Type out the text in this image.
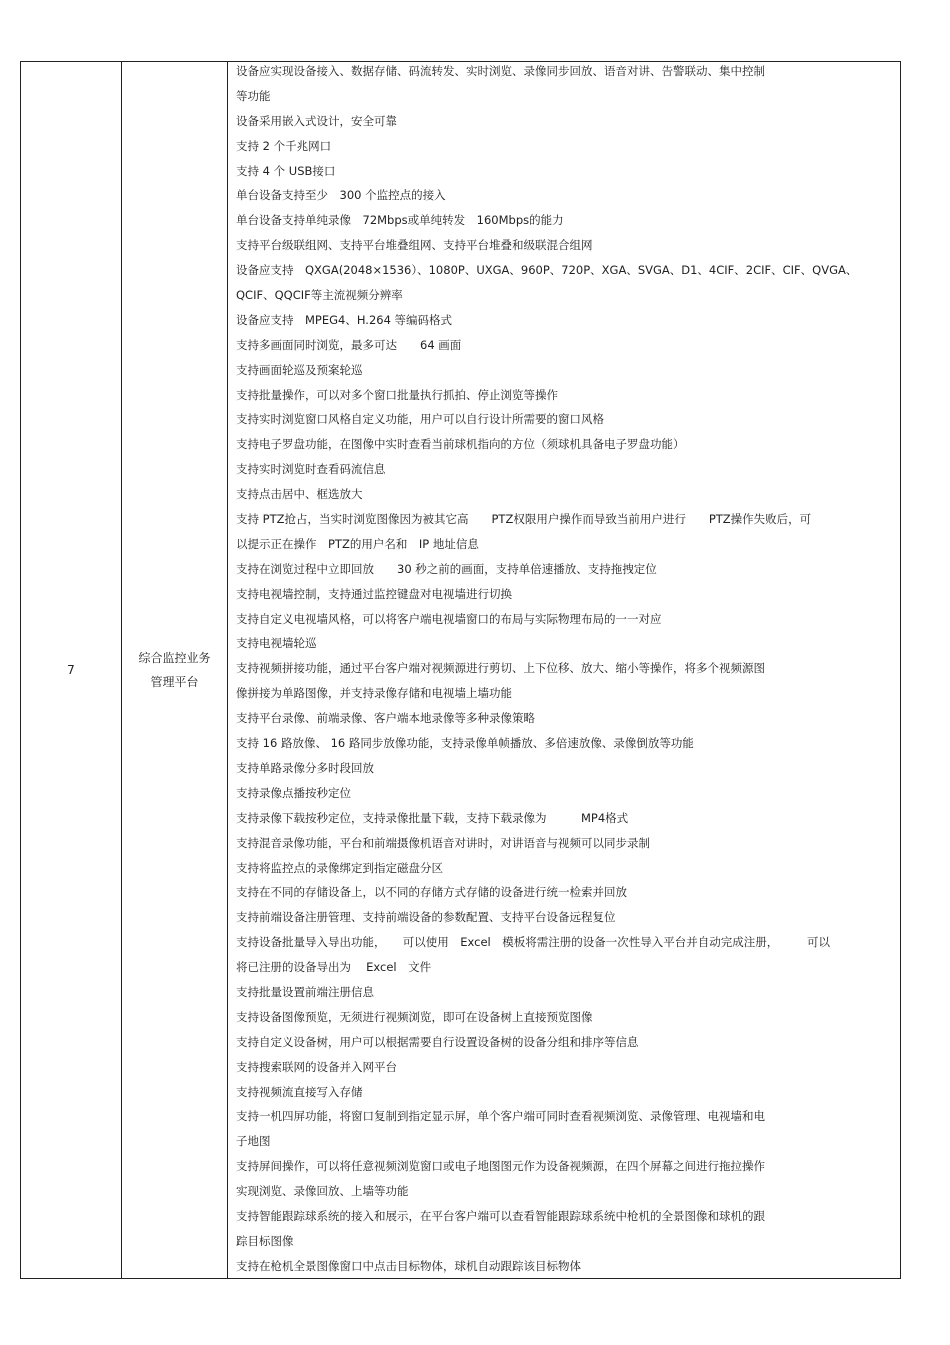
7
综合监控业务
管理平台
设备应实现设备接入、数据存储、码流转发、实时浏览、录像同步回放、语音对讲、告警联动、集中控制
等功能
设备采用嵌入式设计，安全可靠
支持 2 个千兆网口
支持 4 个 USB接口
单台设备支持至少　300 个监控点的接入
单台设备支持单纯录像　72Mbps或单纯转发　160Mbps的能力
支持平台级联组网、支持平台堆叠组网、支持平台堆叠和级联混合组网
设备应支持　QXGA(2048×1536）、1080P、UXGA、960P、720P、XGA、SVGA、D1、4CIF、2CIF、CIF、QVGA、
QCIF、QQCIF等主流视频分辨率
设备应支持　MPEG4、H.264 等编码格式
支持多画面同时浏览，最多可达　　64 画面
支持画面轮巡及预案轮巡
支持批量操作，可以对多个窗口批量执行抓拍、停止浏览等操作
支持实时浏览窗口风格自定义功能，用户可以自行设计所需要的窗口风格
支持电子罗盘功能，在图像中实时查看当前球机指向的方位（须球机具备电子罗盘功能）
支持实时浏览时查看码流信息
支持点击居中、框选放大
支持 PTZ抢占，当实时浏览图像因为被其它高　　PTZ权限用户操作而导致当前用户进行　　PTZ操作失败后，可
以提示正在操作　PTZ的用户名和　IP 地址信息
支持在浏览过程中立即回放　　30 秒之前的画面，支持单倍速播放、支持拖拽定位
支持电视墙控制，支持通过监控键盘对电视墙进行切换
支持自定义电视墙风格，可以将客户端电视墙窗口的布局与实际物理布局的一一对应
支持电视墙轮巡
支持视频拼接功能，通过平台客户端对视频源进行剪切、上下位移、放大、缩小等操作，将多个视频源图
像拼接为单路图像，并支持录像存储和电视墙上墙功能
支持平台录像、前端录像、客户端本地录像等多种录像策略
支持 16 路放像、 16 路同步放像功能，支持录像单帧播放、多倍速放像、录像倒放等功能
支持单路录像分多时段回放
支持录像点播按秒定位
支持录像下载按秒定位，支持录像批量下载，支持下载录像为　　　MP4格式
支持混音录像功能，平台和前端摄像机语音对讲时，对讲语音与视频可以同步录制
支持将监控点的录像绑定到指定磁盘分区
支持在不同的存储设备上，以不同的存储方式存储的设备进行统一检索并回放
支持前端设备注册管理、支持前端设备的参数配置、支持平台设备远程复位
支持设备批量导入导出功能，　　可以使用　Excel　模板将需注册的设备一次性导入平台并自动完成注册，　　　可以
将已注册的设备导出为　 Excel　文件
支持批量设置前端注册信息
支持设备图像预览，无须进行视频浏览，即可在设备树上直接预览图像
支持自定义设备树，用户可以根据需要自行设置设备树的设备分组和排序等信息
支持搜索联网的设备并入网平台
支持视频流直接写入存储
支持一机四屏功能，将窗口复制到指定显示屏，单个客户端可同时查看视频浏览、录像管理、电视墙和电
子地图
支持屏间操作，可以将任意视频浏览窗口或电子地图图元作为设备视频源，在四个屏幕之间进行拖拉操作
实现浏览、录像回放、上墙等功能
支持智能跟踪球系统的接入和展示，在平台客户端可以查看智能跟踪球系统中枪机的全景图像和球机的跟
踪目标图像
支持在枪机全景图像窗口中点击目标物体，球机自动跟踪该目标物体
